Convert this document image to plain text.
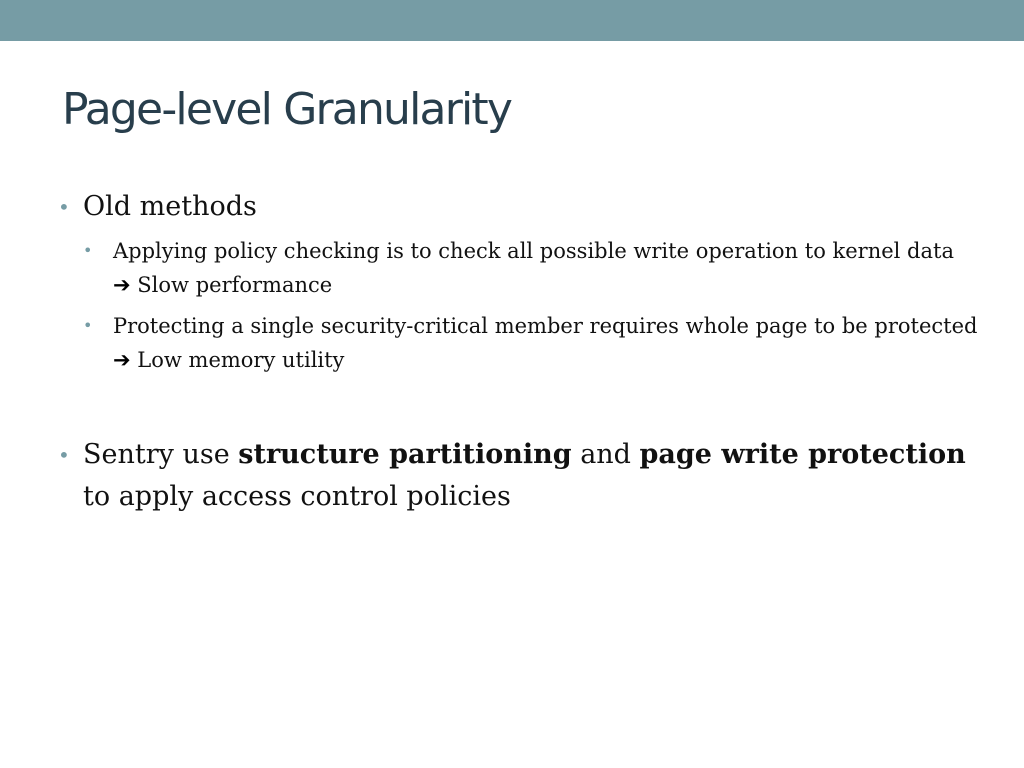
Page-level Granularity
• Old methods
• Applying policy checking is to check all possible write operation to kernel data ➔ Slow performance
• Protecting a single security-critical member requires whole page to be protected ➔ Low memory utility
• Sentry use structure partitioning and page write protection to apply access control policies
